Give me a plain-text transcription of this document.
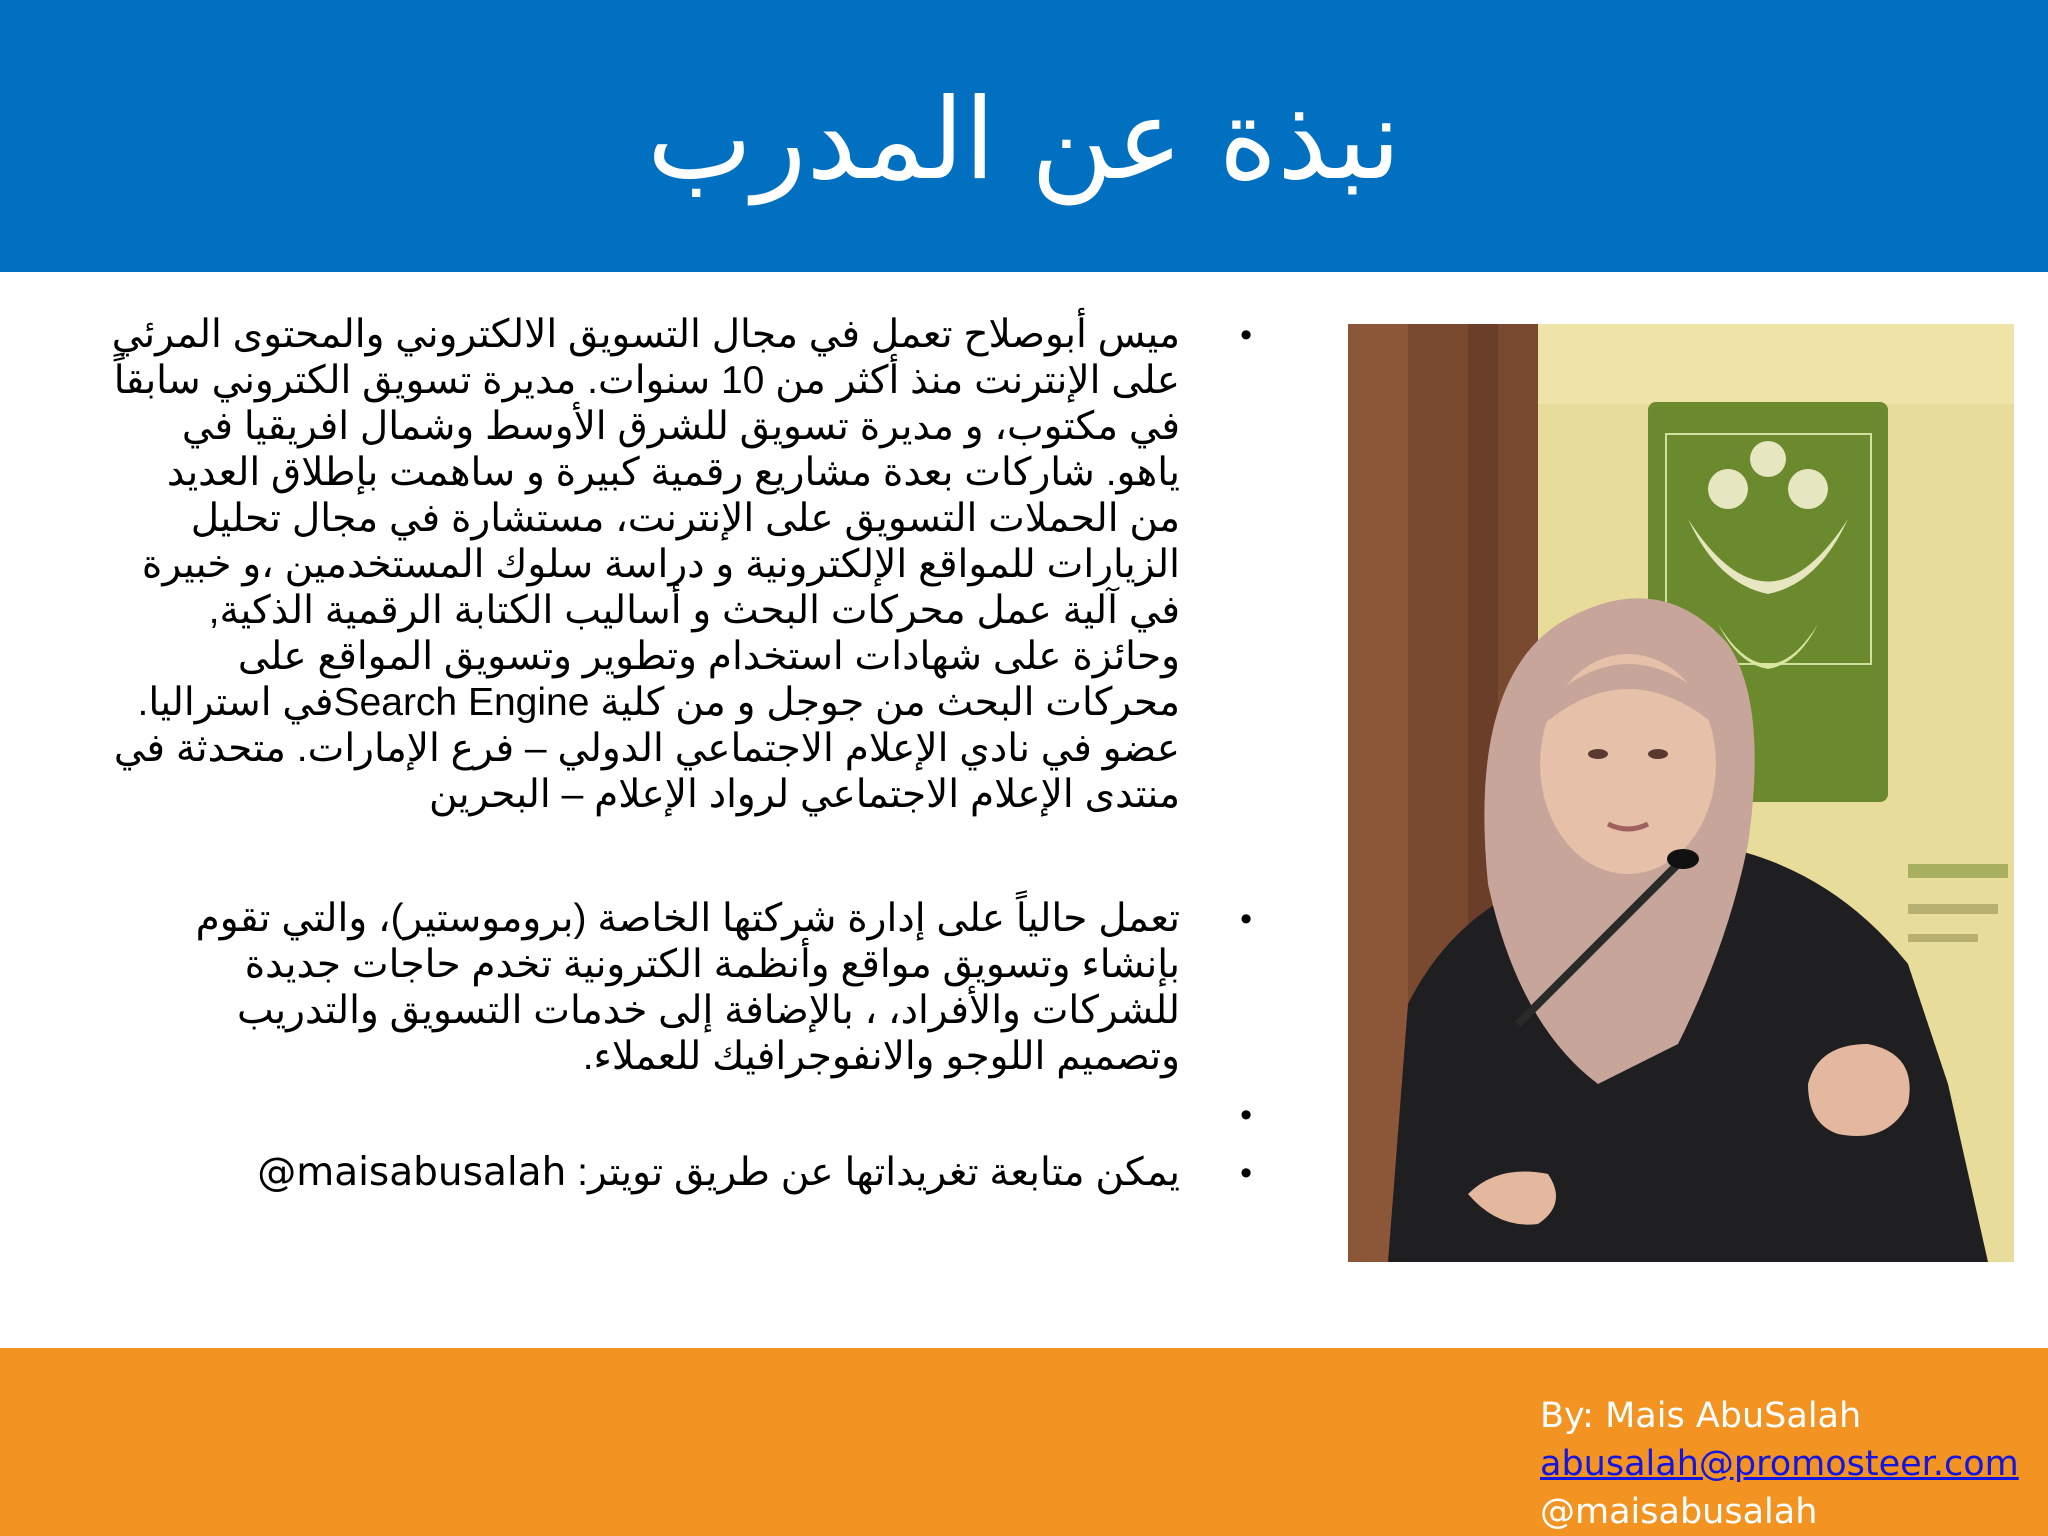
نبذة عن المدرب

•
ميس أبوصلاح تعمل في مجال التسويق الالكتروني والمحتوى المرئي على الإنترنت منذ أكثر من 10 سنوات. مديرة تسويق الكتروني سابقاً في مكتوب، و مديرة تسويق للشرق الأوسط وشمال افريقيا في ياهو. شاركات بعدة مشاريع رقمية كبيرة و ساهمت بإطلاق العديد من الحملات التسويق على الإنترنت، مستشارة في مجال تحليل الزيارات للمواقع الإلكترونية و دراسة سلوك المستخدمين ،و خبيرة في آلية عمل محركات البحث و أساليب الكتابة الرقمية الذكية, وحائزة على شهادات استخدام وتطوير وتسويق المواقع على محركات البحث من جوجل و من كلية Search Engineفي استراليا. عضو في نادي الإعلام الاجتماعي الدولي – فرع الإمارات. متحدثة في منتدى الإعلام الاجتماعي لرواد الإعلام – البحرين

•
تعمل حالياً على إدارة شركتها الخاصة (بروموستير)، والتي تقوم بإنشاء وتسويق مواقع وأنظمة الكترونية تخدم حاجات جديدة للشركات والأفراد، ، بالإضافة إلى خدمات التسويق والتدريب وتصميم اللوجو والانفوجرافيك للعملاء.

•

•
يمكن متابعة تغريداتها عن طريق تويتر: @maisabusalah

By: Mais AbuSalah
abusalah@promosteer.com
@maisabusalah
